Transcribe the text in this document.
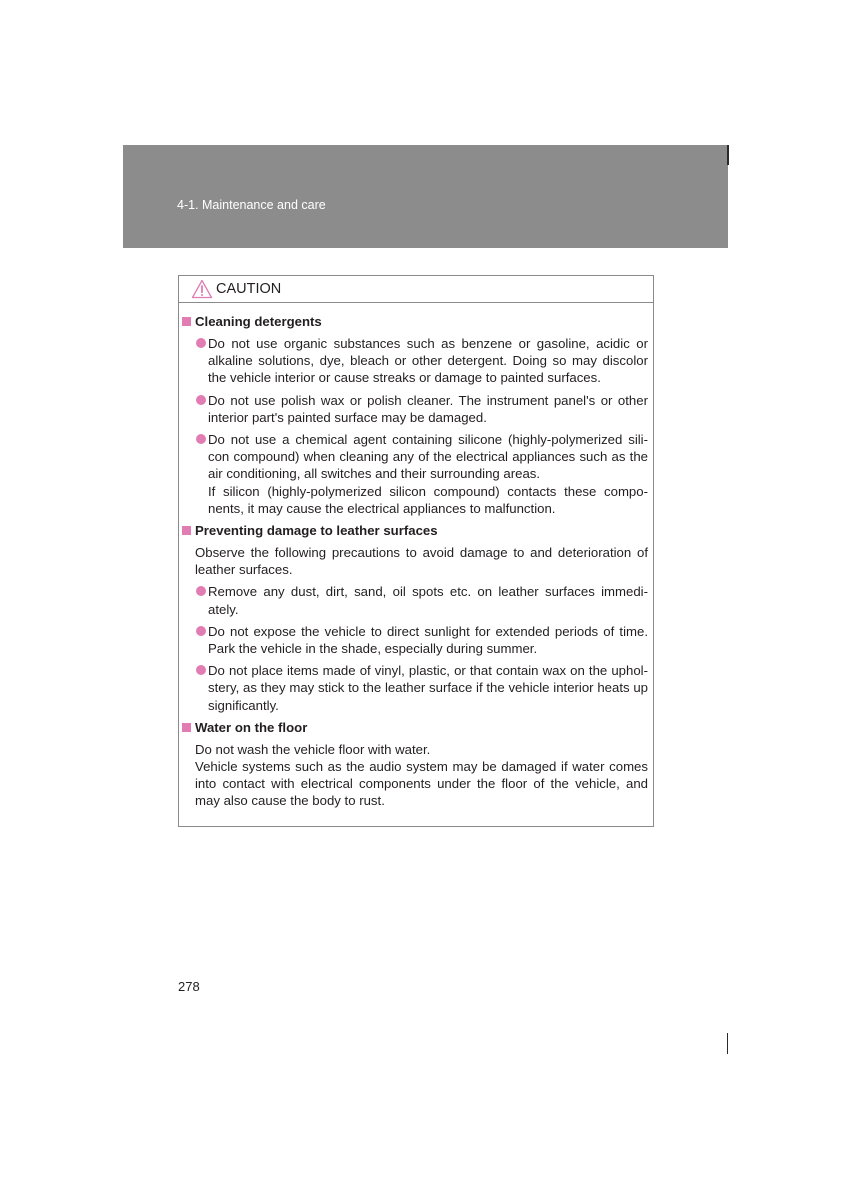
4-1. Maintenance and care
CAUTION
Cleaning detergents
Do not use organic substances such as benzene or gasoline, acidic or alkaline solutions, dye, bleach or other detergent. Doing so may discolor the vehicle interior or cause streaks or damage to painted surfaces.
Do not use polish wax or polish cleaner. The instrument panel's or other interior part's painted surface may be damaged.
Do not use a chemical agent containing silicone (highly-polymerized sili-con compound) when cleaning any of the electrical appliances such as the air conditioning, all switches and their surrounding areas.
If silicon (highly-polymerized silicon compound) contacts these compo-nents, it may cause the electrical appliances to malfunction.
Preventing damage to leather surfaces
Observe the following precautions to avoid damage to and deterioration of leather surfaces.
Remove any dust, dirt, sand, oil spots etc. on leather surfaces immedi-ately.
Do not expose the vehicle to direct sunlight for extended periods of time. Park the vehicle in the shade, especially during summer.
Do not place items made of vinyl, plastic, or that contain wax on the uphol-stery, as they may stick to the leather surface if the vehicle interior heats up significantly.
Water on the floor
Do not wash the vehicle floor with water.
Vehicle systems such as the audio system may be damaged if water comes into contact with electrical components under the floor of the vehicle, and may also cause the body to rust.
278
